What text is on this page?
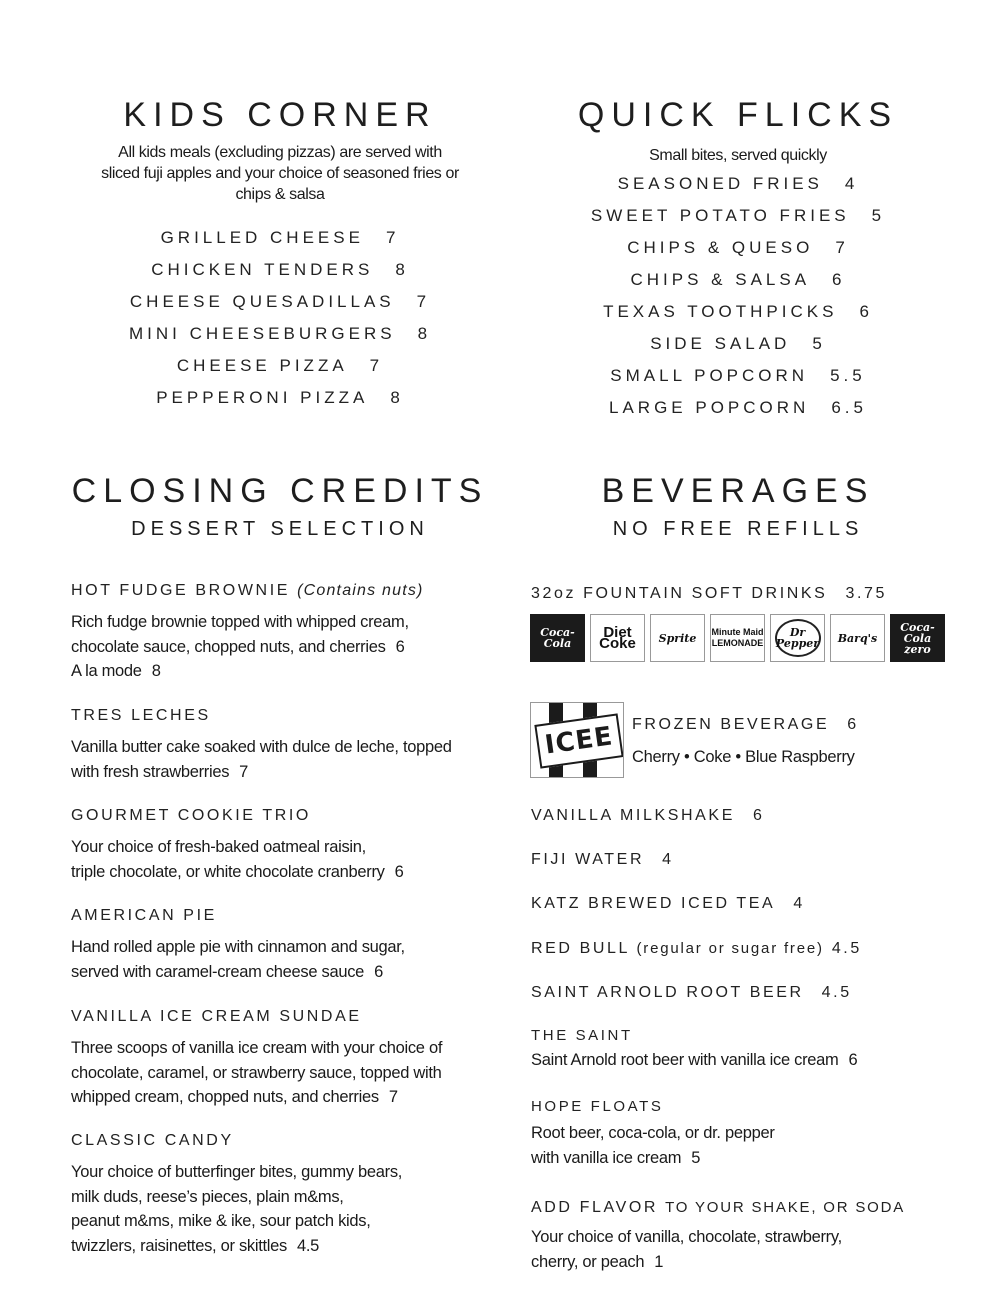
KIDS CORNER
All kids meals (excluding pizzas) are served with sliced fuji apples and your choice of seasoned fries or chips & salsa
GRILLED CHEESE 7
CHICKEN TENDERS 8
CHEESE QUESADILLAS 7
MINI CHEESEBURGERS 8
CHEESE PIZZA 7
PEPPERONI PIZZA 8
QUICK FLICKS
Small bites, served quickly
SEASONED FRIES 4
SWEET POTATO FRIES 5
CHIPS & QUESO 7
CHIPS & SALSA 6
TEXAS TOOTHPICKS 6
SIDE SALAD 5
SMALL POPCORN 5.5
LARGE POPCORN 6.5
CLOSING CREDITS
DESSERT SELECTION
HOT FUDGE BROWNIE (Contains nuts)
Rich fudge brownie topped with whipped cream,
chocolate sauce, chopped nuts, and cherries 6
A la mode 8
TRES LECHES
Vanilla butter cake soaked with dulce de leche, topped
with fresh strawberries 7
GOURMET COOKIE TRIO
Your choice of fresh-baked oatmeal raisin,
triple chocolate, or white chocolate cranberry 6
AMERICAN PIE
Hand rolled apple pie with cinnamon and sugar,
served with caramel-cream cheese sauce 6
VANILLA ICE CREAM SUNDAE
Three scoops of vanilla ice cream with your choice of
chocolate, caramel, or strawberry sauce, topped with
whipped cream, chopped nuts, and cherries 7
CLASSIC CANDY
Your choice of butterfinger bites, gummy bears,
milk duds, reese’s pieces, plain m&ms,
peanut m&ms, mike & ike, sour patch kids,
twizzlers, raisinettes, or skittles 4.5
BEVERAGES
NO FREE REFILLS
32oz FOUNTAIN SOFT DRINKS 3.75
Coca-Cola
Diet Coke	Sprite Minute Maid LEMONADE
Dr Pepper Barq's
Coca-Cola zero
ICEE	FROZEN BEVERAGE 6
Cherry • Coke • Blue Raspberry
VANILLA MILKSHAKE 6
FIJI WATER 4
KATZ BREWED ICED TEA 4
RED BULL (regular or sugar free) 4.5
SAINT ARNOLD ROOT BEER 4.5
THE SAINT
Saint Arnold root beer with vanilla ice cream 6
HOPE FLOATS
Root beer, coca-cola, or dr. pepper
with vanilla ice cream 5
ADD FLAVOR TO YOUR SHAKE, OR SODA
Your choice of vanilla, chocolate, strawberry,
cherry, or peach 1
